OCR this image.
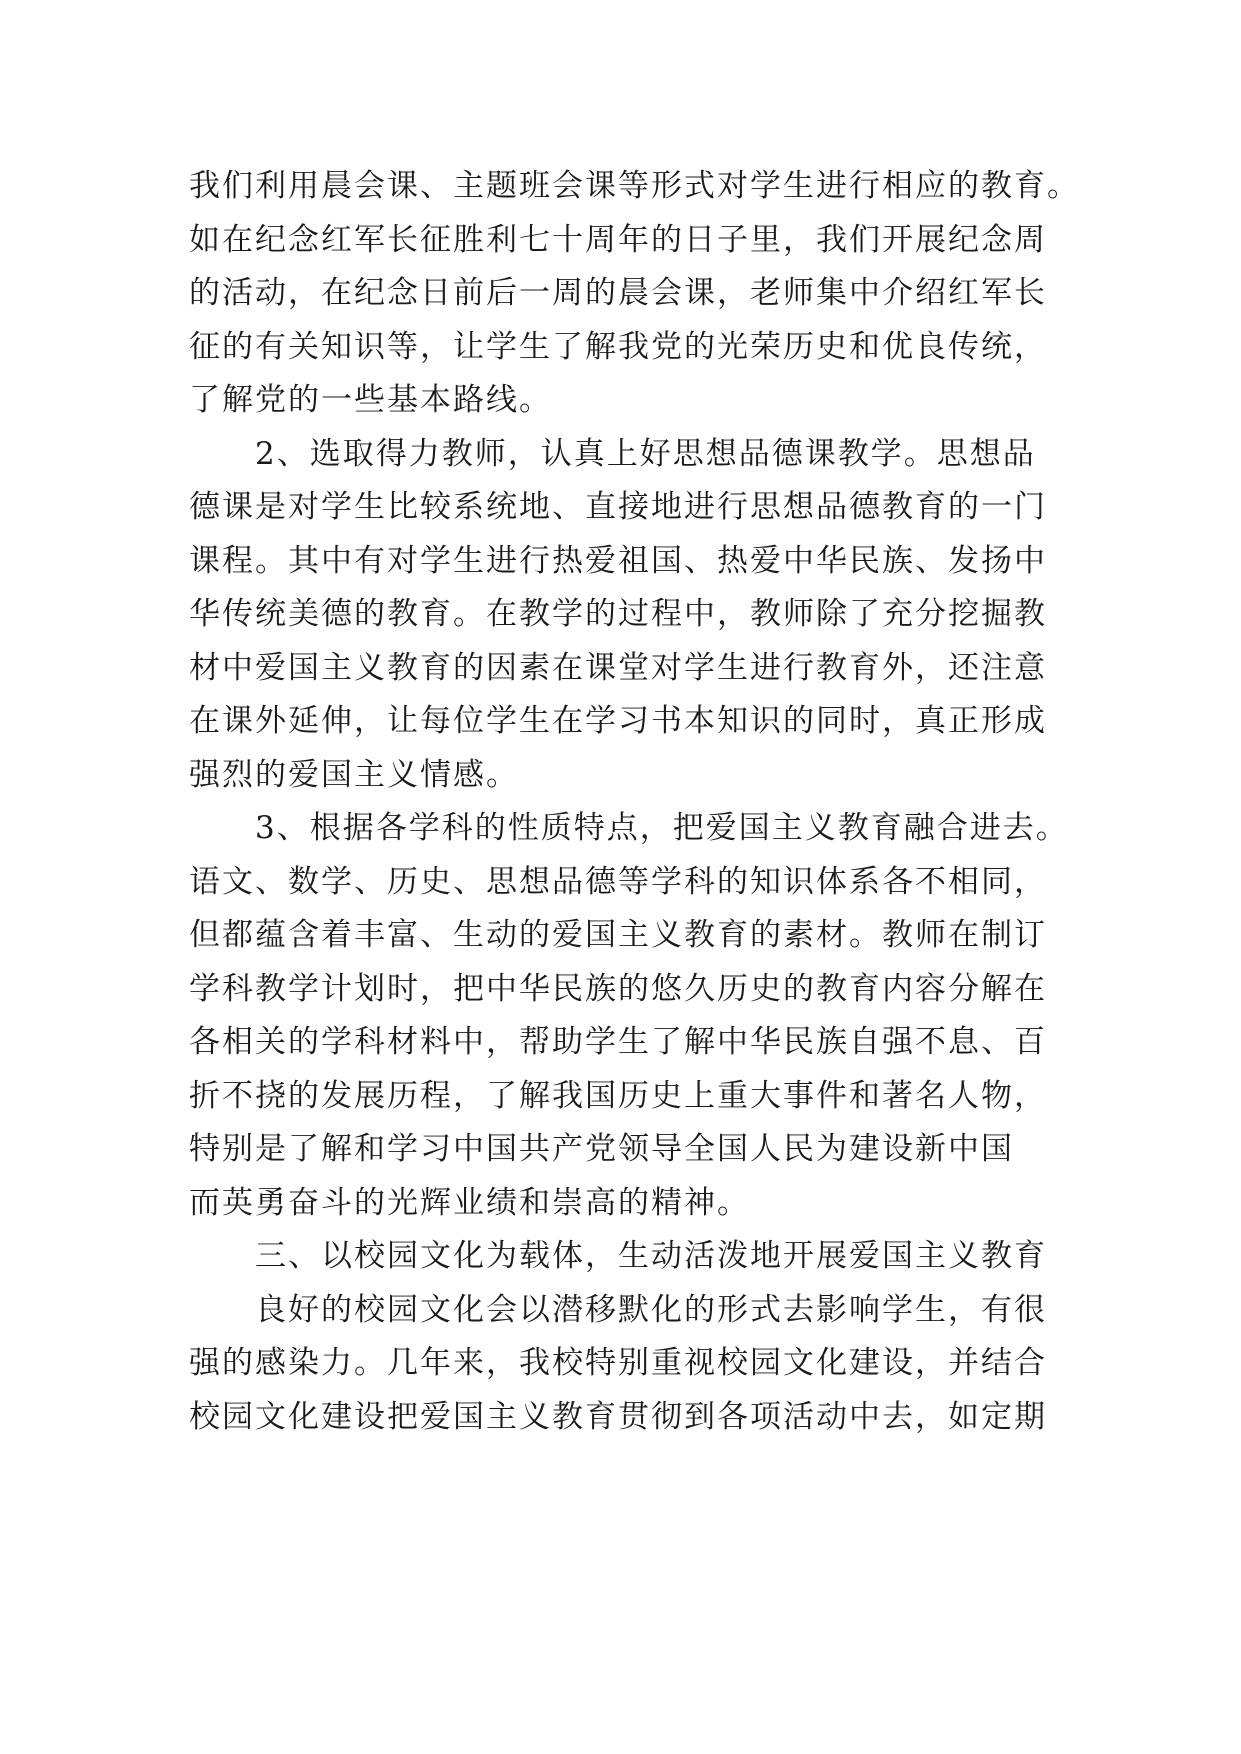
我们利用晨会课、主题班会课等形式对学生进行相应的教育。
如在纪念红军长征胜利七十周年的日子里，我们开展纪念周
的活动，在纪念日前后一周的晨会课，老师集中介绍红军长
征的有关知识等，让学生了解我党的光荣历史和优良传统，
了解党的一些基本路线。
2、选取得力教师，认真上好思想品德课教学。思想品
德课是对学生比较系统地、直接地进行思想品德教育的一门
课程。其中有对学生进行热爱祖国、热爱中华民族、发扬中
华传统美德的教育。在教学的过程中，教师除了充分挖掘教
材中爱国主义教育的因素在课堂对学生进行教育外，还注意
在课外延伸，让每位学生在学习书本知识的同时，真正形成
强烈的爱国主义情感。
3、根据各学科的性质特点，把爱国主义教育融合进去。
语文、数学、历史、思想品德等学科的知识体系各不相同，
但都蕴含着丰富、生动的爱国主义教育的素材。教师在制订
学科教学计划时，把中华民族的悠久历史的教育内容分解在
各相关的学科材料中，帮助学生了解中华民族自强不息、百
折不挠的发展历程，了解我国历史上重大事件和著名人物，
特别是了解和学习中国共产党领导全国人民为建设新中国
而英勇奋斗的光辉业绩和崇高的精神。
三、以校园文化为载体，生动活泼地开展爱国主义教育
良好的校园文化会以潜移默化的形式去影响学生，有很
强的感染力。几年来，我校特别重视校园文化建设，并结合
校园文化建设把爱国主义教育贯彻到各项活动中去，如定期
